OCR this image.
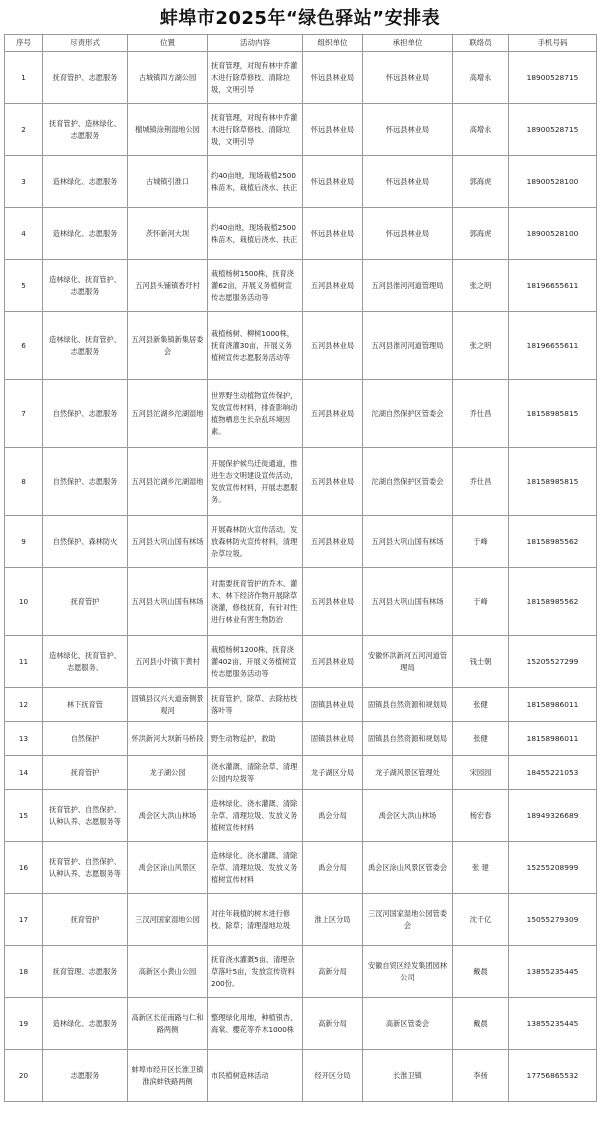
蚌埠市2025年“绿色驿站”安排表
序号	尽责形式	位置	活动内容	组织单位	承担单位	联络员	手机号码
1	抚育管护、志愿服务	古城镇四方湖公园	抚育管理，对现有林中乔灌木进行除草修枝、清除垃圾，文明引导	怀远县林业局	怀远县林业局	高增永	18900528715
2	抚育管护、造林绿化、志愿服务	榴城镇涂荆湿地公园	抚育管理，对现有林中乔灌木进行除草修枝、清除垃圾，文明引导	怀远县林业局	怀远县林业局	高增永	18900528715
3	造林绿化、志愿服务	古城镇引淮口	约40亩地，现场栽植2500株苗木，栽植后浇水、扶正	怀远县林业局	怀远县林业局	郭海虎	18900528100
4	造林绿化、志愿服务	茨怀新河大坝	约40亩地，现场栽植2500株苗木，栽植后浇水、扶正	怀远县林业局	怀远县林业局	郭海虎	18900528100
5	造林绿化、抚育管护、志愿服务	五河县头铺镇香圩村	栽植杨树1500株，抚育浇灌62亩，开展义务植树宣传志愿服务活动等	五河县林业局	五河县淮河河道管理局	张之明	18196655611
6	造林绿化、抚育管护、志愿服务	五河县新集镇新集居委会	栽植杨树、柳树1000株，抚育浇灌30亩，开展义务植树宣传志愿服务活动等	五河县林业局	五河县淮河河道管理局	张之明	18196655611
7	自然保护、志愿服务	五河县沱湖乡沱湖湿地	世界野生动植物宣传保护，发放宣传材料，排查影响动植物栖息生长杂乱环境因素。	五河县林业局	沱湖自然保护区管委会	乔仕昌	18158985815
8	自然保护、志愿服务	五河县沱湖乡沱湖湿地	开展保护候鸟迁徙通道，推进生态文明建设宣传活动，发放宣传材料，开展志愿服务。	五河县林业局	沱湖自然保护区管委会	乔仕昌	18158985815
9	自然保护、森林防火	五河县大巩山国有林场	开展森林防火宣传活动，发放森林防火宣传材料，清理杂草垃圾。	五河县林业局	五河县大巩山国有林场	于峰	18158985562
10	抚育管护	五河县大巩山国有林场	对需要抚育管护的乔木、灌木、林下经济作物开展除草浇灌，修枝抚育，有针对性进行林业有害生物防治	五河县林业局	五河县大巩山国有林场	于峰	18158985562
11	造林绿化、抚育管护、志愿服务、	五河县小圩镇下黄村	栽植杨树1200株，抚育浇灌402亩，开展义务植树宣传志愿服务活动等	五河县林业局	安徽怀洪新河五河河道管理局	钱士朝	15205527299
12	林下抚育管	固镇县汉兴大道南侧景观河	抚育管护，除草、去除枯枝落叶等	固镇县林业局	固镇县自然资源和规划局	张健	18158986011
13	自然保护	怀洪新河大坝新马桥段	野生动物巡护，救助	固镇县林业局	固镇县自然资源和规划局	张健	18158986011
14	抚育管护	龙子湖公园	浇水灌溉、清除杂草、清理公园内垃圾等	龙子湖区分局	龙子湖风景区管理处	宋园园	18455221053
15	抚育管护、自然保护、认种认养、志愿服务等	禹会区大洪山林场	造林绿化、浇水灌溉、清除杂草、清理垃圾、发放义务植树宣传材料	禹会分局	禹会区大洪山林场	杨宏春	18949326689
16	抚育管护、自然保护、认种认养、志愿服务等	禹会区涂山风景区	造林绿化、浇水灌溉、清除杂草、清理垃圾、发放义务植树宣传材料	禹会分局	禹会区涂山风景区管委会	张 建	15255208999
17	抚育管护	三汊河国家湿地公园	对往年栽植的树木进行修枝、除草；清理湿地垃圾	淮上区分局	三汊河国家湿地公园管委会	沈千亿	15055279309
18	抚育管理、志愿服务	高新区小黄山公园	抚育浇水灌溉5亩、清理杂草落叶5亩，发放宣传资料200份。	高新分局	安徽自贸区经发集团园林公司	戴晨	13855235445
19	造林绿化、志愿服务	高新区长征南路与仁和路两侧	整理绿化用地，种植银杏、海棠、樱花等乔木1000株	高新分局	高新区管委会	戴晨	13855235445
20	志愿服务	蚌埠市经开区长淮卫镇淮滨蚌铁路两侧	市民植树造林活动	经开区分局	长淮卫镇	李扬	17756865532
